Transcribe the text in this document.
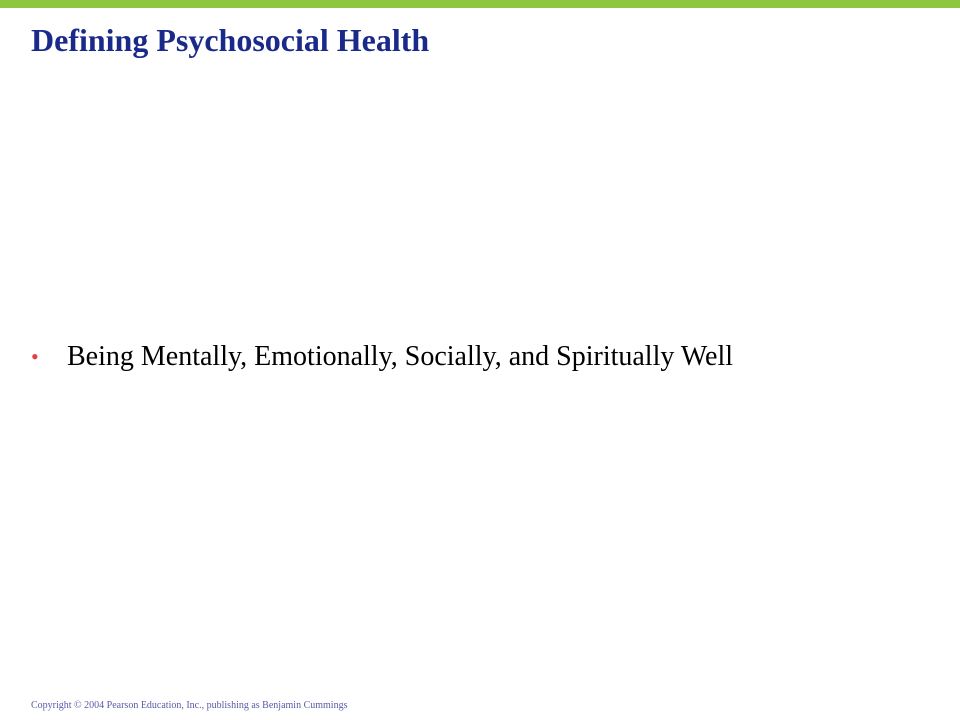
Defining Psychosocial Health
• Being Mentally, Emotionally, Socially, and Spiritually Well
Copyright © 2004 Pearson Education, Inc., publishing as Benjamin Cummings
